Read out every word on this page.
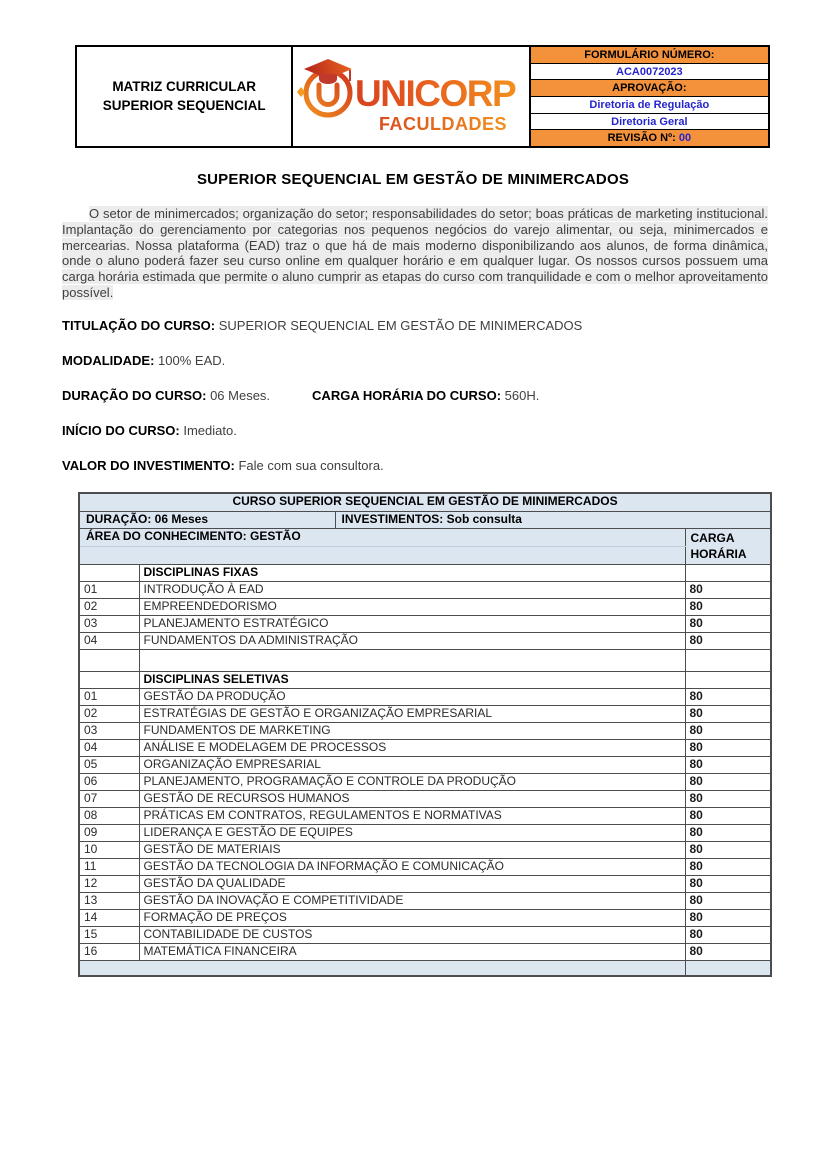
MATRIZ CURRICULAR
SUPERIOR SEQUENCIAL UNICORP
FACULDADES
FORMULÁRIO NÚMERO:
ACA0072023
APROVAÇÃO:
Diretoria de Regulação
Diretoria Geral
REVISÃO Nº: 00
SUPERIOR SEQUENCIAL EM GESTÃO DE MINIMERCADOS

O setor de minimercados; organização do setor; responsabilidades do setor; boas práticas de marketing institucional. Implantação do gerenciamento por categorias nos pequenos negócios do varejo alimentar, ou seja, minimercados e mercearias. Nossa plataforma (EAD) traz o que há de mais moderno disponibilizando aos alunos, de forma dinâmica, onde o aluno poderá fazer seu curso online em qualquer horário e em qualquer lugar. Os nossos cursos possuem uma carga horária estimada que permite o aluno cumprir as etapas do curso com tranquilidade e com o melhor aproveitamento possível.

TITULAÇÃO DO CURSO: SUPERIOR SEQUENCIAL EM GESTÃO DE MINIMERCADOS
MODALIDADE: 100% EAD.
DURAÇÃO DO CURSO: 06 Meses.	CARGA HORÁRIA DO CURSO: 560H.
INÍCIO DO CURSO: Imediato.
VALOR DO INVESTIMENTO: Fale com sua consultora.
CURSO SUPERIOR SEQUENCIAL EM GESTÃO DE MINIMERCADOS			
DURAÇÃO: 06 Meses		INVESTIMENTOS: Sob consulta	
ÁREA DO CONHECIMENTO: GESTÃO			CARGA HORÁRIA

	DISCIPLINAS FIXAS		
01	INTRODUÇÃO À EAD		80
02	EMPREENDEDORISMO		80
03	PLANEJAMENTO ESTRATÉGICO		80
04	FUNDAMENTOS DA ADMINISTRAÇÃO		80

	DISCIPLINAS SELETIVAS		
01	GESTÃO DA PRODUÇÃO		80
02	ESTRATÉGIAS DE GESTÃO E ORGANIZAÇÃO EMPRESARIAL		80
03	FUNDAMENTOS DE MARKETING		80
04	ANÁLISE E MODELAGEM DE PROCESSOS		80
05	ORGANIZAÇÃO EMPRESARIAL		80
06	PLANEJAMENTO, PROGRAMAÇÃO E CONTROLE DA PRODUÇÃO		80
07	GESTÃO DE RECURSOS HUMANOS		80
08	PRÁTICAS EM CONTRATOS, REGULAMENTOS E NORMATIVAS		80
09	LIDERANÇA E GESTÃO DE EQUIPES		80
10	GESTÃO DE MATERIAIS		80
11	GESTÃO DA TECNOLOGIA DA INFORMAÇÃO E COMUNICAÇÃO		80
12	GESTÃO DA QUALIDADE		80
13	GESTÃO DA INOVAÇÃO E COMPETITIVIDADE		80
14	FORMAÇÃO DE PREÇOS		80
15	CONTABILIDADE DE CUSTOS		80
16	MATEMÁTICA FINANCEIRA		80
